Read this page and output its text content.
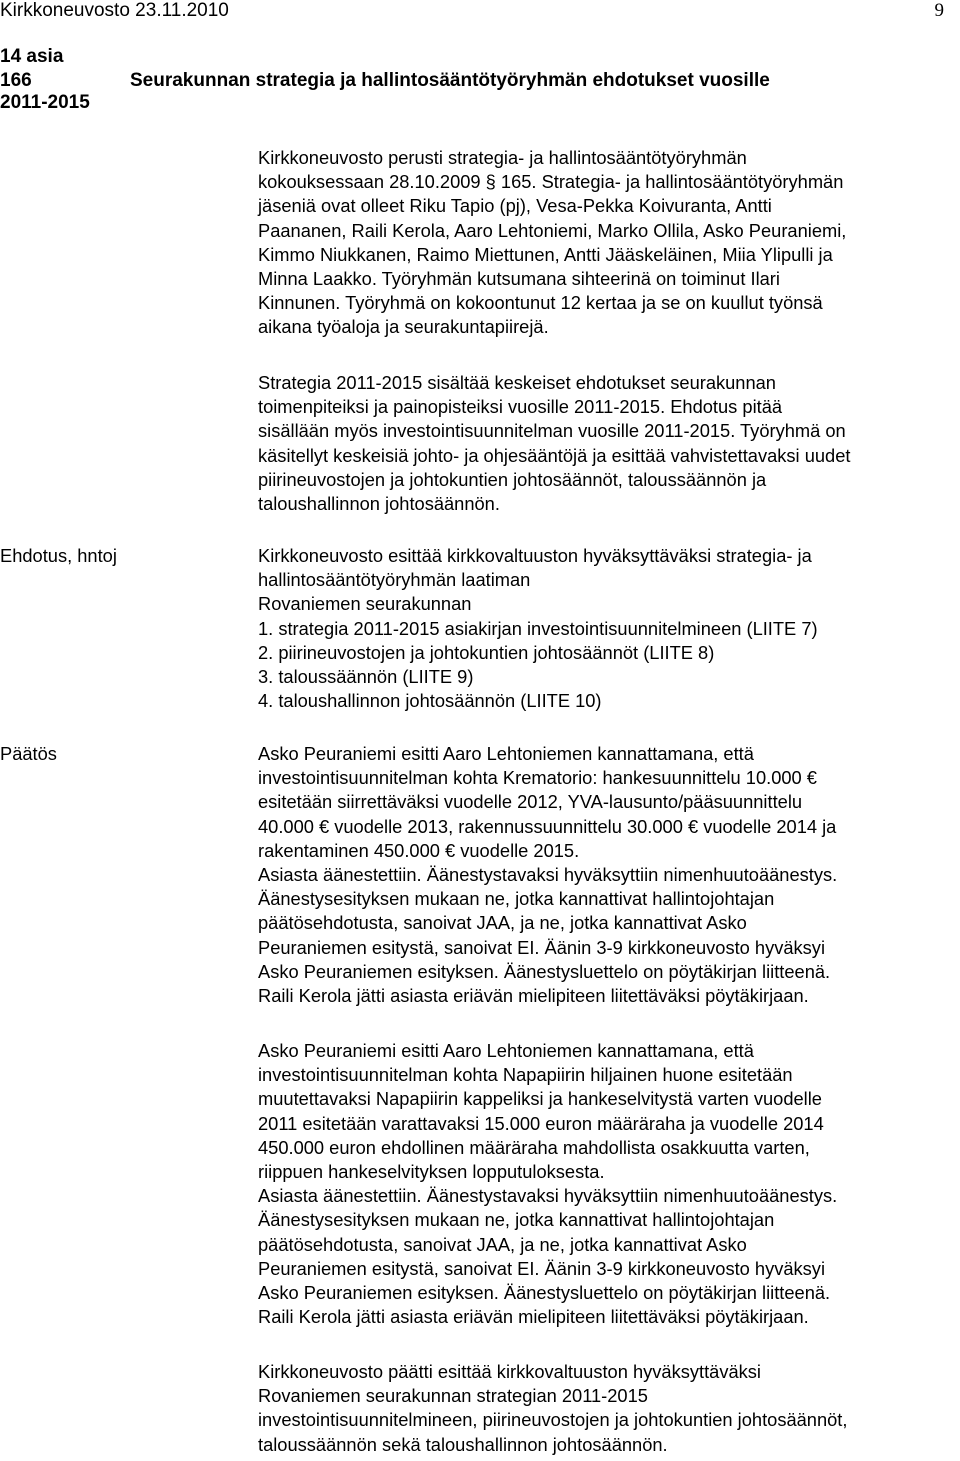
Kirkkoneuvosto 23.11.2010	9
14 asia
166	Seurakunnan strategia ja hallintosääntötyöryhmän ehdotukset vuosille
2011-2015
Kirkkoneuvosto perusti strategia- ja hallintosääntötyöryhmän
kokouksessaan 28.10.2009 § 165. Strategia- ja hallintosääntötyöryhmän
jäseniä ovat olleet Riku Tapio (pj), Vesa-Pekka Koivuranta, Antti
Paananen, Raili Kerola, Aaro Lehtoniemi, Marko Ollila, Asko Peuraniemi,
Kimmo Niukkanen, Raimo Miettunen, Antti Jääskeläinen, Miia Ylipulli ja
Minna Laakko. Työryhmän kutsumana sihteerinä on toiminut Ilari
Kinnunen. Työryhmä on kokoontunut 12 kertaa ja se on kuullut työnsä
aikana työaloja ja seurakuntapiirejä.
Strategia 2011-2015 sisältää keskeiset ehdotukset seurakunnan
toimenpiteiksi ja painopisteiksi vuosille 2011-2015. Ehdotus pitää
sisällään myös investointisuunnitelman vuosille 2011-2015. Työryhmä on
käsitellyt keskeisiä johto- ja ohjesääntöjä ja esittää vahvistettavaksi uudet
piirineuvostojen ja johtokuntien johtosäännöt, taloussäännön ja
taloushallinnon johtosäännön.
Ehdotus, hntoj	Kirkkoneuvosto esittää kirkkovaltuuston hyväksyttäväksi strategia- ja
hallintosääntötyöryhmän laatiman
Rovaniemen seurakunnan
1. strategia 2011-2015 asiakirjan investointisuunnitelmineen (LIITE 7)
2. piirineuvostojen ja johtokuntien johtosäännöt (LIITE 8)
3. taloussäännön (LIITE 9)
4. taloushallinnon johtosäännön (LIITE 10)
Päätös	Asko Peuraniemi esitti Aaro Lehtoniemen kannattamana, että
investointisuunnitelman kohta Krematorio: hankesuunnittelu 10.000 €
esitetään siirrettäväksi vuodelle 2012, YVA-lausunto/pääsuunnittelu
40.000 € vuodelle 2013, rakennussuunnittelu 30.000 € vuodelle 2014 ja
rakentaminen 450.000 € vuodelle 2015.
Asiasta äänestettiin. Äänestystavaksi hyväksyttiin nimenhuutoäänestys.
Äänestysesityksen mukaan ne, jotka kannattivat hallintojohtajan
päätösehdotusta, sanoivat JAA, ja ne, jotka kannattivat Asko
Peuraniemen esitystä, sanoivat EI. Äänin 3-9 kirkkoneuvosto hyväksyi
Asko Peuraniemen esityksen. Äänestysluettelo on pöytäkirjan liitteenä.
Raili Kerola jätti asiasta eriävän mielipiteen liitettäväksi pöytäkirjaan.
Asko Peuraniemi esitti Aaro Lehtoniemen kannattamana, että
investointisuunnitelman kohta Napapiirin hiljainen huone esitetään
muutettavaksi Napapiirin kappeliksi ja hankeselvitystä varten vuodelle
2011 esitetään varattavaksi 15.000 euron määräraha ja vuodelle 2014
450.000 euron ehdollinen määräraha mahdollista osakkuutta varten,
riippuen hankeselvityksen lopputuloksesta.
Asiasta äänestettiin. Äänestystavaksi hyväksyttiin nimenhuutoäänestys.
Äänestysesityksen mukaan ne, jotka kannattivat hallintojohtajan
päätösehdotusta, sanoivat JAA, ja ne, jotka kannattivat Asko
Peuraniemen esitystä, sanoivat EI. Äänin 3-9 kirkkoneuvosto hyväksyi
Asko Peuraniemen esityksen. Äänestysluettelo on pöytäkirjan liitteenä.
Raili Kerola jätti asiasta eriävän mielipiteen liitettäväksi pöytäkirjaan.
Kirkkoneuvosto päätti esittää kirkkovaltuuston hyväksyttäväksi
Rovaniemen seurakunnan strategian 2011-2015
investointisuunnitelmineen, piirineuvostojen ja johtokuntien johtosäännöt,
taloussäännön sekä taloushallinnon johtosäännön.
